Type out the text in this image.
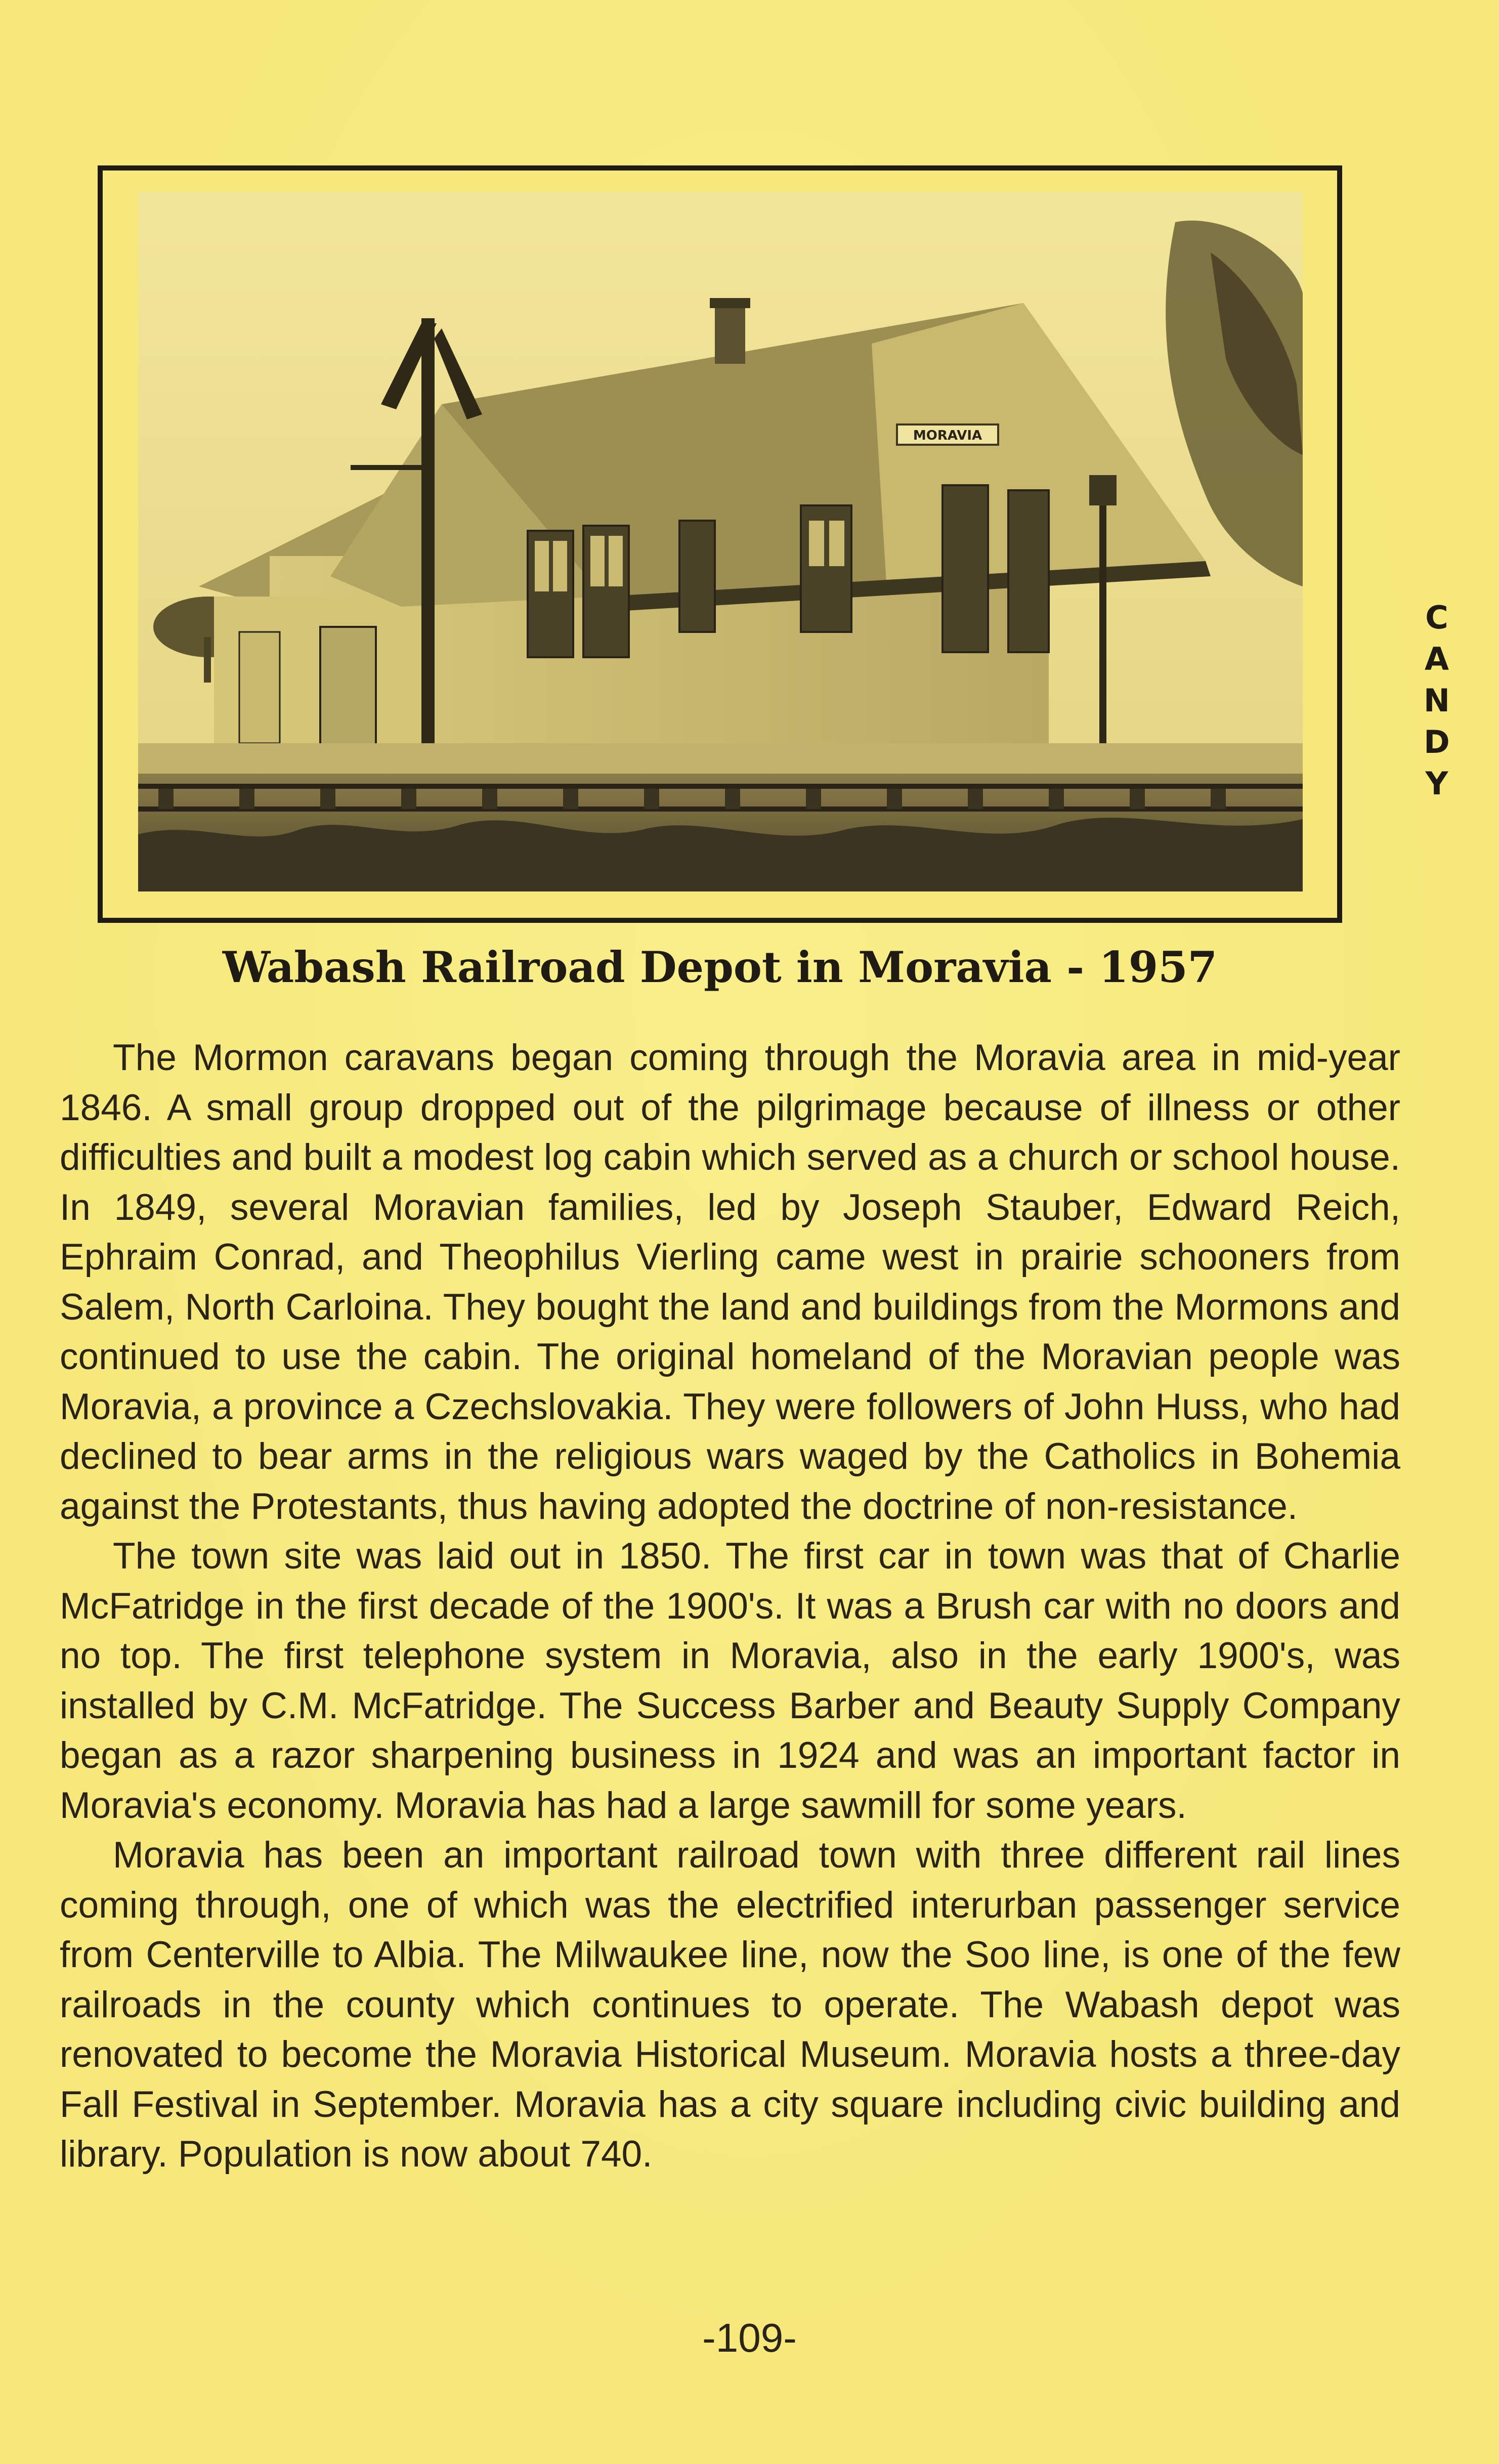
MORAVIA
C
A
N
D
Y
Wabash Railroad Depot in Moravia - 1957

The Mormon caravans began coming through the Moravia area in mid-year 1846. A small group dropped out of the pilgrimage because of illness or other difficulties and built a modest log cabin which served as a church or school house. In 1849, several Moravian families, led by Joseph Stauber, Edward Reich, Ephraim Conrad, and Theophilus Vierling came west in prairie schooners from Salem, North Carloina. They bought the land and buildings from the Mormons and continued to use the cabin. The original homeland of the Moravian people was Moravia, a province a Czechslovakia. They were followers of John Huss, who had declined to bear arms in the religious wars waged by the Catholics in Bohemia against the Protestants, thus having adopted the doctrine of non-resistance.

The town site was laid out in 1850. The first car in town was that of Charlie McFatridge in the first decade of the 1900's. It was a Brush car with no doors and no top. The first telephone system in Moravia, also in the early 1900's, was installed by C.M. McFatridge. The Success Barber and Beauty Supply Company began as a razor sharpening business in 1924 and was an important factor in Moravia's economy. Moravia has had a large sawmill for some years.

Moravia has been an important railroad town with three different rail lines coming through, one of which was the electrified interurban passenger service from Centerville to Albia. The Milwaukee line, now the Soo line, is one of the few railroads in the county which continues to operate. The Wabash depot was renovated to become the Moravia Historical Museum. Moravia hosts a three-day Fall Festival in September. Moravia has a city square including civic building and library. Population is now about 740.

-109-
